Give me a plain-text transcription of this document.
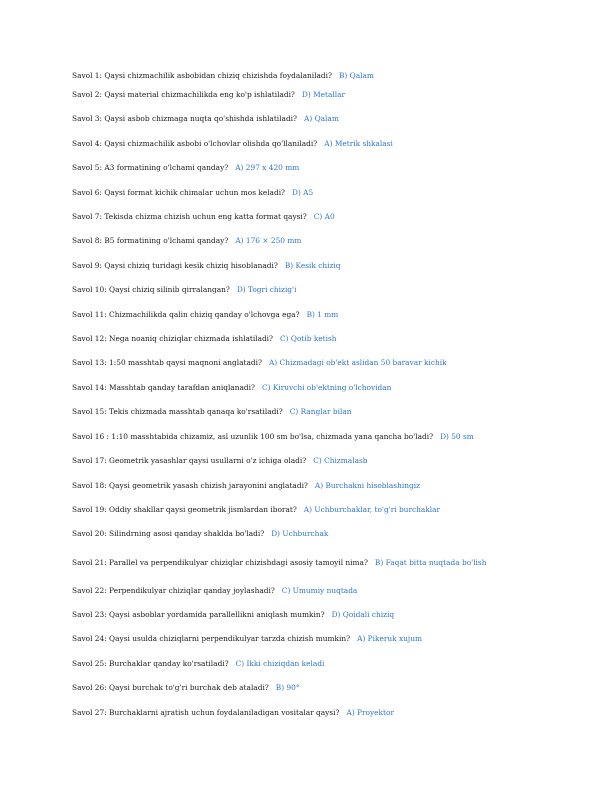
Savol 1: Qaysi chizmachilik asbobidan chiziq chizishda foydalaniladi? B) Qalam
Savol 2: Qaysi material chizmachilikda eng ko'p ishlatiladi? D) Metallar
Savol 3: Qaysi asbob chizmaga nuqta qo'shishda ishlatiladi? A) Qalam
Savol 4: Qaysi chizmachilik asbobi o'lchovlar olishda qo'llaniladi? A) Metrik shkalasi
Savol 5: A3 formatining o'lchami qanday? A) 297 x 420 mm
Savol 6: Qaysi format kichik chimalar uchun mos keladi? D) A5
Savol 7: Tekisda chizma chizish uchun eng katta format qaysi? C) A0
Savol 8: B5 formatining o'lchami qanday? A) 176 × 250 mm
Savol 9: Qaysi chiziq turidagi kesik chiziq hisoblanadi? B) Kesik chiziq
Savol 10: Qaysi chiziq silinib qirralangan? D) Togri chizig'i
Savol 11: Chizmachilikda qalin chiziq qanday o'lchovga ega? B) 1 mm
Savol 12: Nega noaniq chiziqlar chizmada ishlatiladi? C) Qotib ketish
Savol 13: 1:50 masshtab qaysi maqnoni anglatadi? A) Chizmadagi ob'ekt aslidan 50 baravar kichik
Savol 14: Masshtab qanday tarafdan aniqlanadi? C) Kiruvchi ob'ektning o'lchovidan
Savol 15: Tekis chizmada masshtab qanaqa ko'rsatiladi? C) Ranglar bilan
Savol 16 : 1:10 masshtabida chizamiz, asl uzunlik 100 sm bo'lsa, chizmada yana qancha bo'ladi? D) 50 sm
Savol 17: Geometrik yasashlar qaysi usullarni o'z ichiga oladi? C) Chizmalasb
Savol 18: Qaysi geometrik yasash chizish jarayonini anglatadi? A) Burchakni hisoblashingiz
Savol 19: Oddiy shakllar qaysi geometrik jismlardan iborat? A) Uchburchaklar, to'g'ri burchaklar
Savol 20: Silindrning asosi qanday shaklda bo'ladi? D) Uchburchak
Savol 21: Parallel va perpendikulyar chiziqlar chizishdagi asosiy tamoyil nima? B) Faqat bitta nuqtada bo'lish
Savol 22: Perpendikulyar chiziqlar qanday joylashadi? C) Umumiy nuqtada
Savol 23: Qaysi asboblar yordamida parallellikni aniqlash mumkin? D) Qoidali chiziq
Savol 24: Qaysi usulda chiziqlarni perpendikulyar tarzda chizish mumkin? A) Pikeruk xujum
Savol 25: Burchaklar qanday ko'rsatiladi? C) Ikki chiziqdan keladi
Savol 26: Qaysi burchak to'g'ri burchak deb ataladi? B) 90°
Savol 27: Burchaklarni ajratish uchun foydalaniladigan vositalar qaysi? A) Proyektor
